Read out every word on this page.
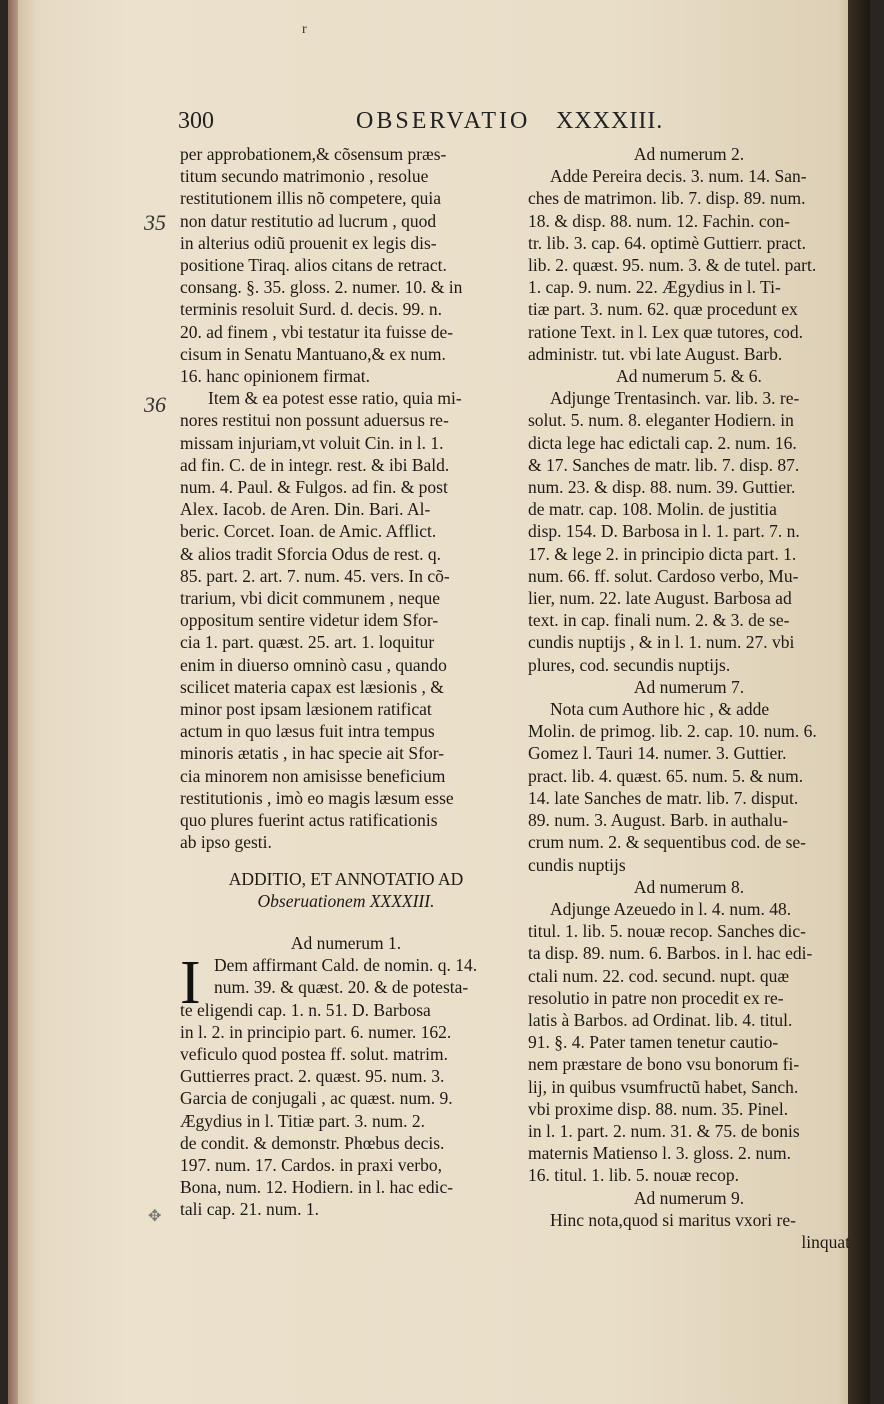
r
300	OBSERVATIO XXXXIII.
35
36
per approbationem,& cõsensum præs-
titum secundo matrimonio , resolue
restitutionem illis nõ competere, quia
non datur restitutio ad lucrum , quod
in alterius odiũ prouenit ex legis dis-
positione Tiraq. alios citans de retract.
consang. §. 35. gloss. 2. numer. 10. & in
terminis resoluit Surd. d. decis. 99. n.
20. ad finem , vbi testatur ita fuisse de-
cisum in Senatu Mantuano,& ex num.
16. hanc opinionem firmat.
Item & ea potest esse ratio, quia mi-
nores restitui non possunt aduersus re-
missam injuriam,vt voluit Cin. in l. 1.
ad fin. C. de in integr. rest. & ibi Bald.
num. 4. Paul. & Fulgos. ad fin. & post
Alex. Iacob. de Aren. Din. Bari. Al-
beric. Corcet. Ioan. de Amic. Afflict.
& alios tradit Sforcia Odus de rest. q.
85. part. 2. art. 7. num. 45. vers. In cõ-
trarium, vbi dicit communem , neque
oppositum sentire videtur idem Sfor-
cia 1. part. quæst. 25. art. 1. loquitur
enim in diuerso omninò casu , quando
scilicet materia capax est læsionis , &
minor post ipsam læsionem ratificat
actum in quo læsus fuit intra tempus
minoris ætatis , in hac specie ait Sfor-
cia minorem non amisisse beneficium
restitutionis , imò eo magis læsum esse
quo plures fuerint actus ratificationis
ab ipso gesti.
ADDITIO, ET ANNOTATIO AD
Obseruationem XXXXIII.
Ad numerum 1.
Dem affirmant Cald. de nomin. q. 14.
num. 39. & quæst. 20. & de potesta-
te eligendi cap. 1. n. 51. D. Barbosa
in l. 2. in principio part. 6. numer. 162.
veficulo quod postea ff. solut. matrim.
Guttierres pract. 2. quæst. 95. num. 3.
Garcia de conjugali , ac quæst. num. 9.
Ægydius in l. Titiæ part. 3. num. 2.
de condit. & demonstr. Phœbus decis.
197. num. 17. Cardos. in praxi verbo,
Bona, num. 12. Hodiern. in l. hac edic-
tali cap. 21. num. 1.
I
Ad numerum 2.
Adde Pereira decis. 3. num. 14. San-
ches de matrimon. lib. 7. disp. 89. num.
18. & disp. 88. num. 12. Fachin. con-
tr. lib. 3. cap. 64. optimè Guttierr. pract.
lib. 2. quæst. 95. num. 3. & de tutel. part.
1. cap. 9. num. 22. Ægydius in l. Ti-
tiæ part. 3. num. 62. quæ procedunt ex
ratione Text. in l. Lex quæ tutores, cod.
administr. tut. vbi late August. Barb.
Ad numerum 5. & 6.
Adjunge Trentasinch. var. lib. 3. re-
solut. 5. num. 8. eleganter Hodiern. in
dicta lege hac edictali cap. 2. num. 16.
& 17. Sanches de matr. lib. 7. disp. 87.
num. 23. & disp. 88. num. 39. Guttier.
de matr. cap. 108. Molin. de justitia
disp. 154. D. Barbosa in l. 1. part. 7. n.
17. & lege 2. in principio dicta part. 1.
num. 66. ff. solut. Cardoso verbo, Mu-
lier, num. 22. late August. Barbosa ad
text. in cap. finali num. 2. & 3. de se-
cundis nuptijs , & in l. 1. num. 27. vbi
plures, cod. secundis nuptijs.
Ad numerum 7.
Nota cum Authore hic , & adde
Molin. de primog. lib. 2. cap. 10. num. 6.
Gomez l. Tauri 14. numer. 3. Guttier.
pract. lib. 4. quæst. 65. num. 5. & num.
14. late Sanches de matr. lib. 7. disput.
89. num. 3. August. Barb. in authalu-
crum num. 2. & sequentibus cod. de se-
cundis nuptijs
Ad numerum 8.
Adjunge Azeuedo in l. 4. num. 48.
titul. 1. lib. 5. nouæ recop. Sanches dic-
ta disp. 89. num. 6. Barbos. in l. hac edi-
ctali num. 22. cod. secund. nupt. quæ
resolutio in patre non procedit ex re-
latis à Barbos. ad Ordinat. lib. 4. titul.
91. §. 4. Pater tamen tenetur cautio-
nem præstare de bono vsu bonorum fi-
lij, in quibus vsumfructũ habet, Sanch.
vbi proxime disp. 88. num. 35. Pinel.
in l. 1. part. 2. num. 31. & 75. de bonis
maternis Matienso l. 3. gloss. 2. num.
16. titul. 1. lib. 5. nouæ recop.
Ad numerum 9.
Hinc nota,quod si maritus vxori re-
linquat
✥
